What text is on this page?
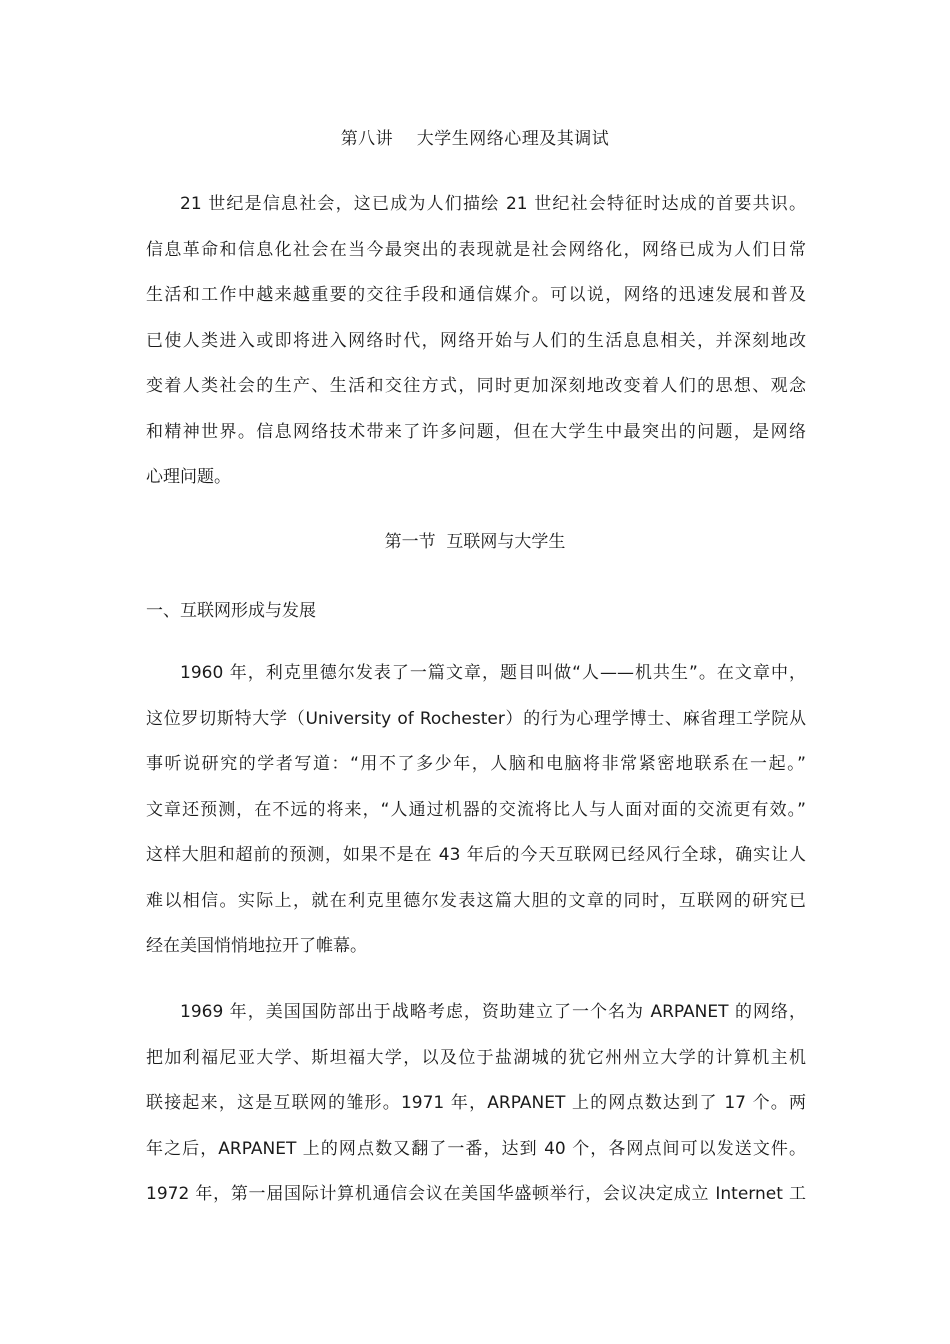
第八讲    大学生网络心理及其调试
21 世纪是信息社会，这已成为人们描绘 21 世纪社会特征时达成的首要共识。
信息革命和信息化社会在当今最突出的表现就是社会网络化，网络已成为人们日常
生活和工作中越来越重要的交往手段和通信媒介。可以说，网络的迅速发展和普及
已使人类进入或即将进入网络时代，网络开始与人们的生活息息相关，并深刻地改
变着人类社会的生产、生活和交往方式，同时更加深刻地改变着人们的思想、观念
和精神世界。信息网络技术带来了许多问题，但在大学生中最突出的问题，是网络
心理问题。
第一节  互联网与大学生
一、互联网形成与发展
1960 年，利克里德尔发表了一篇文章，题目叫做“人——机共生”。在文章中，
这位罗切斯特大学（University of Rochester）的行为心理学博士、麻省理工学院从
事听说研究的学者写道：“用不了多少年，人脑和电脑将非常紧密地联系在一起。”
文章还预测，在不远的将来，“人通过机器的交流将比人与人面对面的交流更有效。”
这样大胆和超前的预测，如果不是在 43 年后的今天互联网已经风行全球，确实让人
难以相信。实际上，就在利克里德尔发表这篇大胆的文章的同时，互联网的研究已
经在美国悄悄地拉开了帷幕。
1969 年，美国国防部出于战略考虑，资助建立了一个名为 ARPANET 的网络，
把加利福尼亚大学、斯坦福大学，以及位于盐湖城的犹它州州立大学的计算机主机
联接起来，这是互联网的雏形。1971 年，ARPANET 上的网点数达到了 17 个。两
年之后，ARPANET 上的网点数又翻了一番，达到 40 个，各网点间可以发送文件。
1972 年，第一届国际计算机通信会议在美国华盛顿举行，会议决定成立 Internet 工
